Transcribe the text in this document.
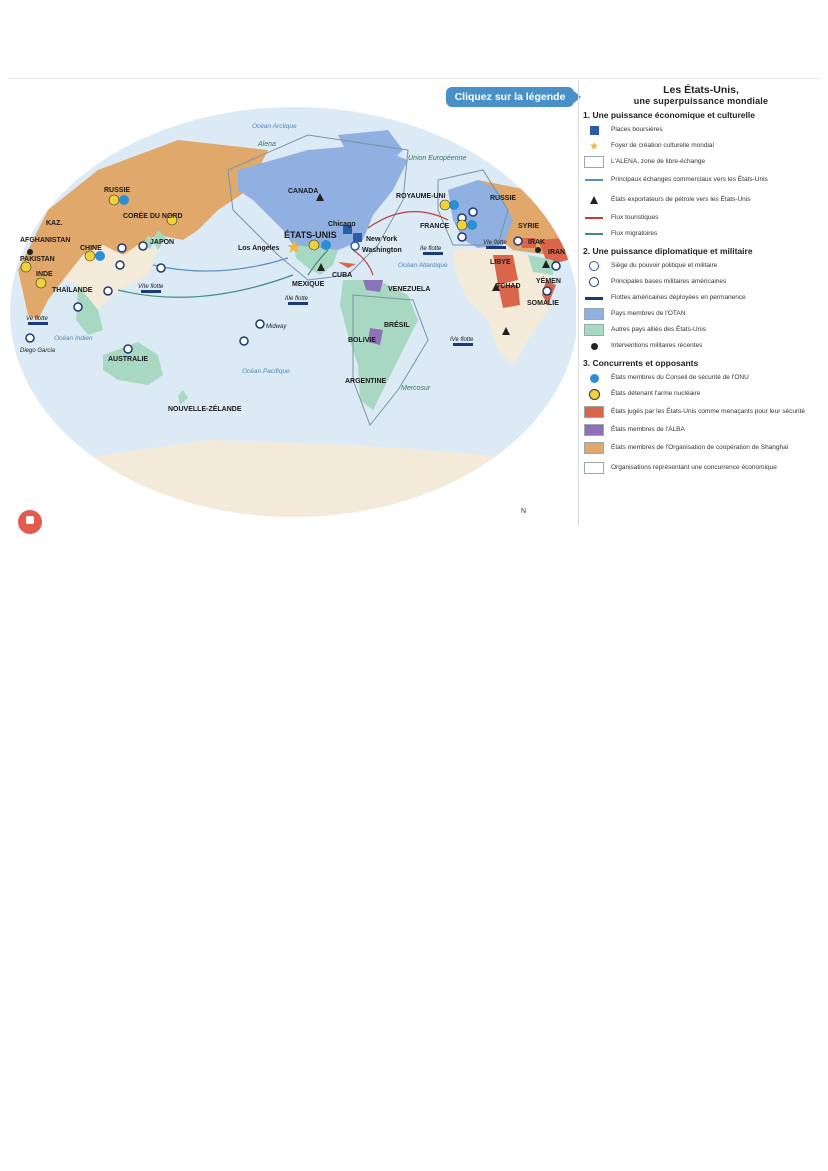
RUSSIE
KAZ.
CORÉE DU NORD
JAPON
CHINE
AFGHANISTAN
PAKISTAN
INDE
THAÏLANDE
CANADA
ÉTATS-UNIS
Chicago
New York
Washington
Los Angeles
MEXIQUE
CUBA
VENEZUELA
BRÉSIL
BOLIVIE
ARGENTINE
ROYAUME-UNI
FRANCE
RUSSIE
SYRIE
IRAK
IRAN
LIBYE
TCHAD
YÉMEN
SOMALIE
AUSTRALIE
NOUVELLE-ZÉLANDE
Midway
Diego Garcia
IIe flotte
IIIe flotte
IVe flotte
Ve flotte
VIe flotte
VIIe flotte
Océan Arctique
Océan Atlantique
Océan Pacifique
Océan Indien
Alena
Union Européenne
Mercosur
N
Cliquez sur la légende
Les États-Unis,
une superpuissance mondiale
1. Une puissance économique et culturelle
Places boursières
Foyer de création culturelle mondial
L'ALENA, zone de libre-échange
Principaux échanges commerciaux vers les États-Unis
États exportateurs de pétrole vers les États-Unis
Flux touristiques
Flux migratoires
2. Une puissance diplomatique et militaire
Siège du pouvoir politique et militaire
Principales bases militaires américaines
Flottes américaines déployées en permanence
Pays membres de l'OTAN
Autres pays alliés des États-Unis
Interventions militaires récentes
3. Concurrents et opposants
États membres du Conseil de sécurité de l'ONU
États détenant l'arme nucléaire
États jugés par les États-Unis comme menaçants pour leur sécurité
États membres de l'ALBA
États membres de l'Organisation de coopération de Shanghai
Organisations représentant une concurrence économique
